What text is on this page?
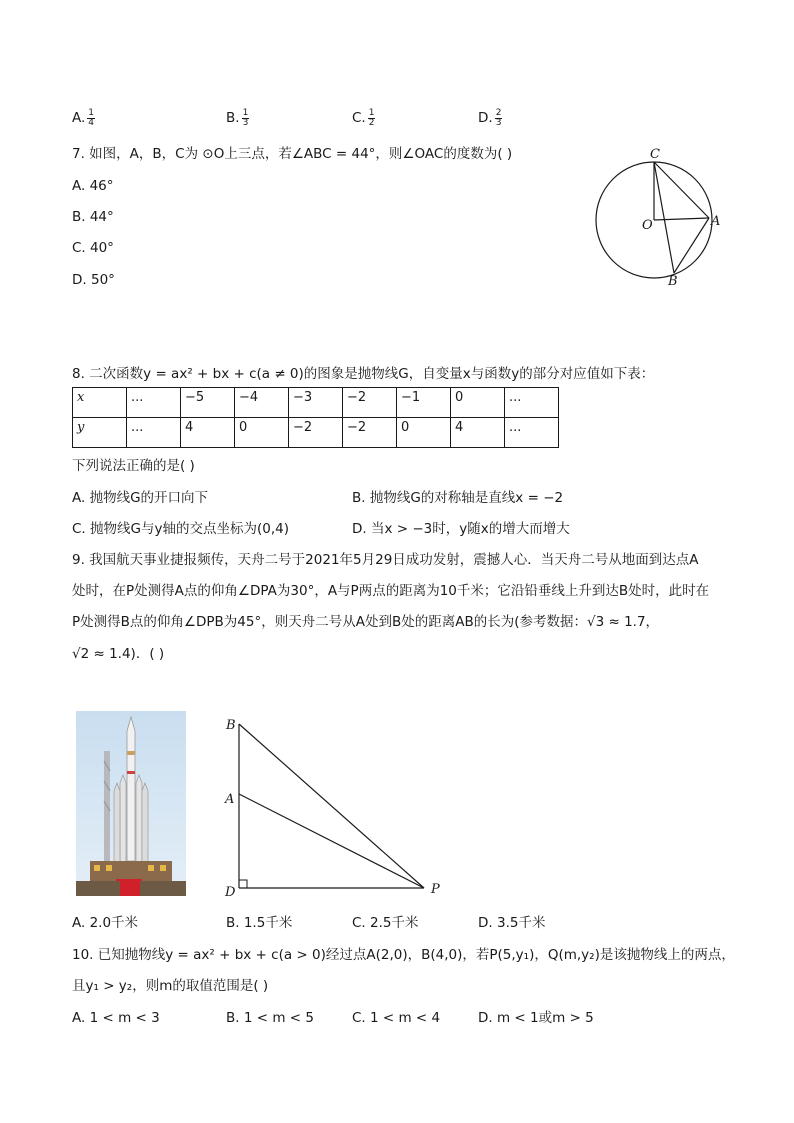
A. $\frac{1}{4}$	B. $\frac{1}{3}$	C. $\frac{1}{2}$	D. $\frac{2}{3}$
7. 如图，A，B，C为 ⊙O上三点，若∠ABC = 44°，则∠OAC的度数为( )
A. 46°
B. 44°
C. 40°
D. 50°
C
O	A
B
8. 二次函数y = ax² + bx + c(a ≠ 0)的图象是抛物线G，自变量x与函数y的部分对应值如下表：
x	...	−5	−4	−3	−2	−1	0	...
y	...	4	0	−2	−2	0	4	...
下列说法正确的是( )
A. 抛物线G的开口向下	B. 抛物线G的对称轴是直线x = −2
C. 抛物线G与y轴的交点坐标为(0,4)	D. 当x > −3时，y随x的增大而增大
9. 我国航天事业捷报频传，天舟二号于2021年5月29日成功发射，震撼人心．当天舟二号从地面到达点A
处时，在P处测得A点的仰角∠DPA为30°，A与P两点的距离为10千米；它沿铅垂线上升到达B处时，此时在
P处测得B点的仰角∠DPB为45°，则天舟二号从A处到B处的距离AB的长为(参考数据：√3 ≈ 1.7，
√2 ≈ 1.4)．( )
B
A
D	P
A. 2.0千米	B. 1.5千米	C. 2.5千米	D. 3.5千米
10. 已知抛物线y = ax² + bx + c(a > 0)经过点A(2,0)，B(4,0)，若P(5,y₁)，Q(m,y₂)是该抛物线上的两点，
且y₁ > y₂，则m的取值范围是( )
A. 1 < m < 3	B. 1 < m < 5	C. 1 < m < 4	D. m < 1或m > 5
